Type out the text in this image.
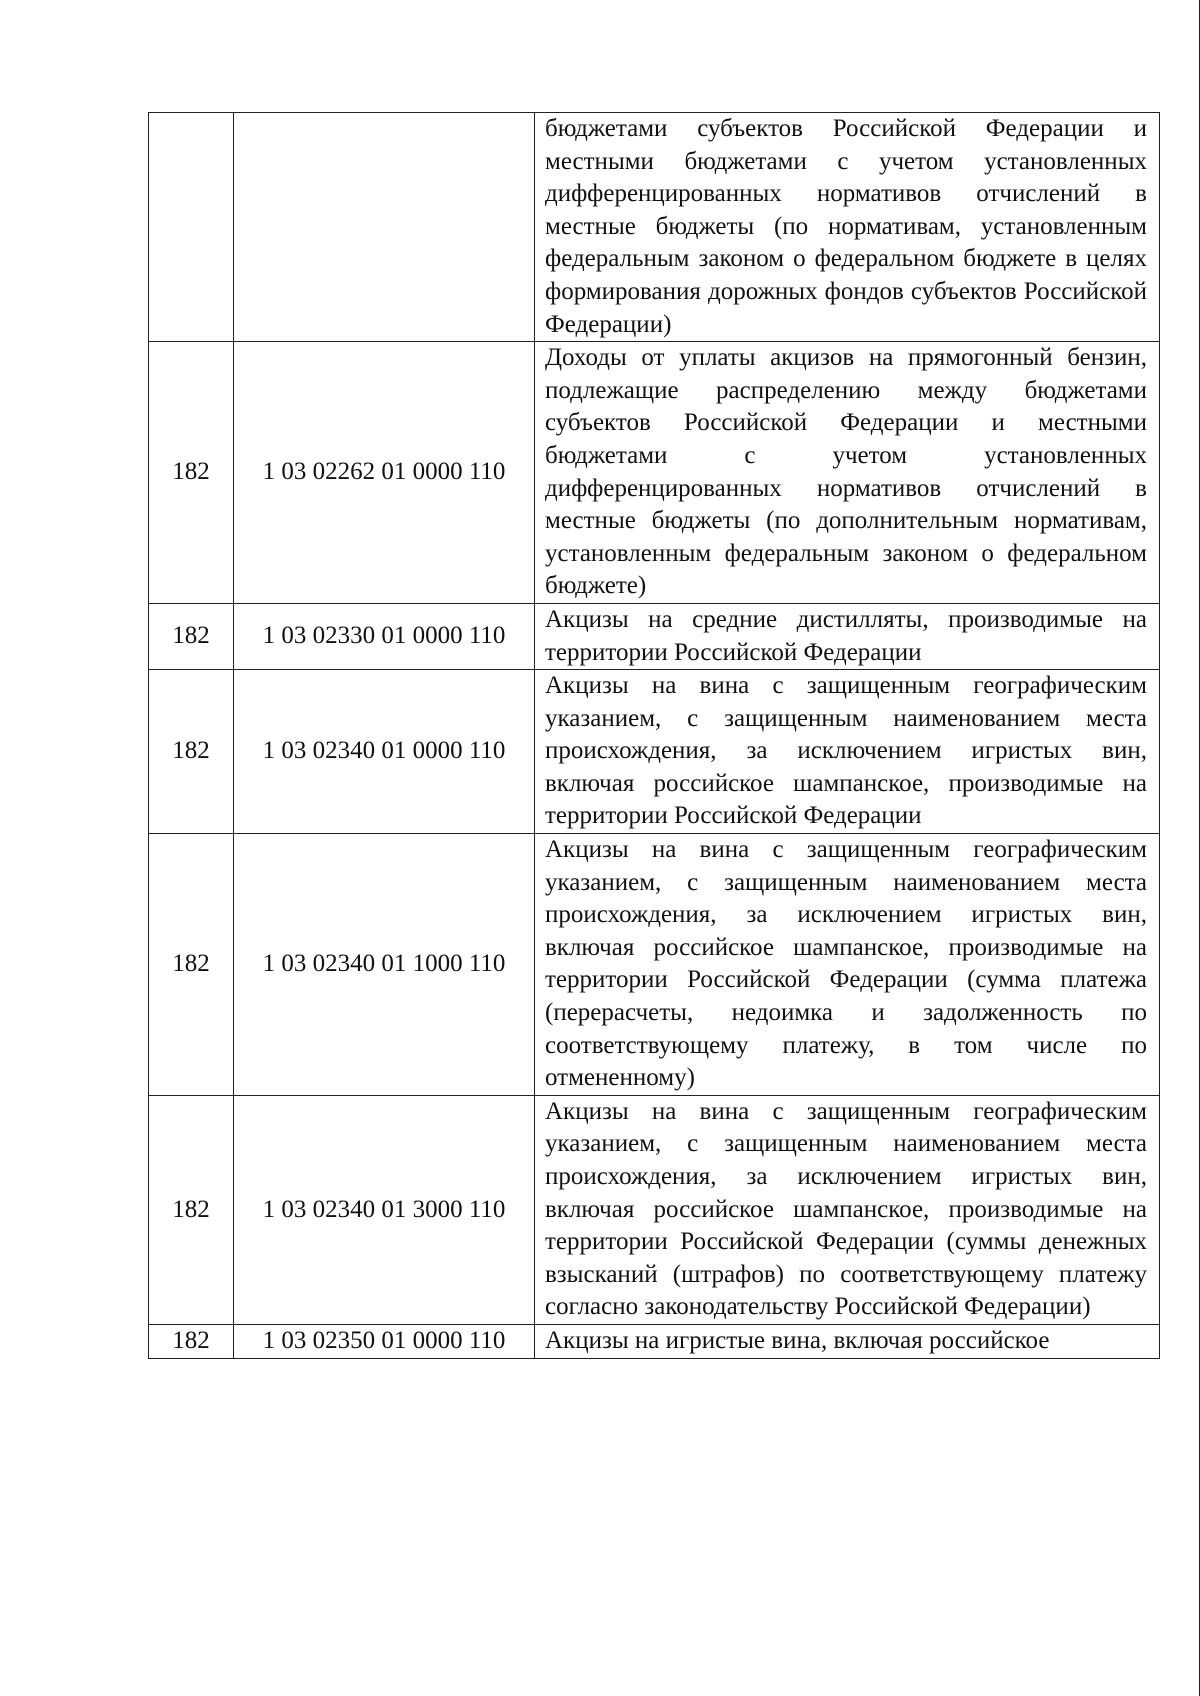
		бюджетами субъектов Российской Федерации и местными бюджетами с учетом установленных дифференцированных нормативов отчислений в местные бюджеты (по нормативам, установленным федеральным законом о федеральном бюджете в целях формирования дорожных фондов субъектов Российской Федерации)
182	1 03 02262 01 0000 110	Доходы от уплаты акцизов на прямогонный бензин, подлежащие распределению между бюджетами субъектов Российской Федерации и местными бюджетами с учетом установленных дифференцированных нормативов отчислений в местные бюджеты (по дополнительным нормативам, установленным федеральным законом о федеральном бюджете)
182	1 03 02330 01 0000 110	Акцизы на средние дистилляты, производимые на территории Российской Федерации
182	1 03 02340 01 0000 110	Акцизы на вина с защищенным географическим указанием, с защищенным наименованием места происхождения, за исключением игристых вин, включая российское шампанское, производимые на территории Российской Федерации
182	1 03 02340 01 1000 110	Акцизы на вина с защищенным географическим указанием, с защищенным наименованием места происхождения, за исключением игристых вин, включая российское шампанское, производимые на территории Российской Федерации (сумма платежа (перерасчеты, недоимка и задолженность по соответствующему платежу, в том числе по отмененному)
182	1 03 02340 01 3000 110	Акцизы на вина с защищенным географическим указанием, с защищенным наименованием места происхождения, за исключением игристых вин, включая российское шампанское, производимые на территории Российской Федерации (суммы денежных взысканий (штрафов) по соответствующему платежу согласно законодательству Российской Федерации)
182	1 03 02350 01 0000 110	Акцизы на игристые вина, включая российское
